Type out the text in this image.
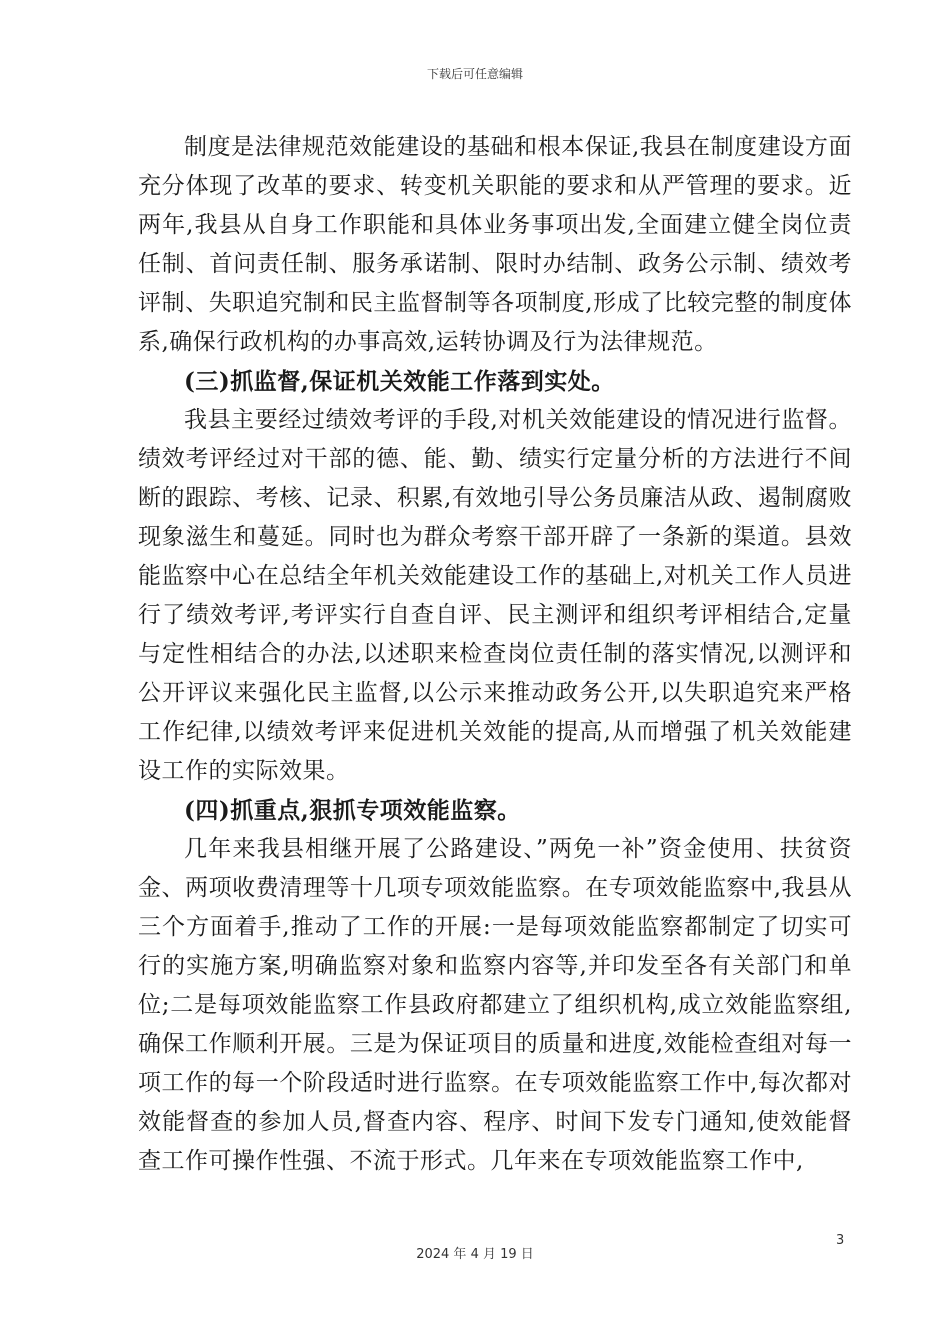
下载后可任意编辑

制度是法律规范效能建设的基础和根本保证,我县在制度建设方面充分体现了改革的要求、转变机关职能的要求和从严管理的要求。近两年,我县从自身工作职能和具体业务事项出发,全面建立健全岗位责任制、首问责任制、服务承诺制、限时办结制、政务公示制、绩效考评制、失职追究制和民主监督制等各项制度,形成了比较完整的制度体系,确保行政机构的办事高效,运转协调及行为法律规范。

(三)抓监督,保证机关效能工作落到实处。

我县主要经过绩效考评的手段,对机关效能建设的情况进行监督。绩效考评经过对干部的德、能、勤、绩实行定量分析的方法进行不间断的跟踪、考核、记录、积累,有效地引导公务员廉洁从政、遏制腐败现象滋生和蔓延。同时也为群众考察干部开辟了一条新的渠道。县效能监察中心在总结全年机关效能建设工作的基础上,对机关工作人员进行了绩效考评,考评实行自查自评、民主测评和组织考评相结合,定量与定性相结合的办法,以述职来检查岗位责任制的落实情况,以测评和公开评议来强化民主监督,以公示来推动政务公开,以失职追究来严格工作纪律,以绩效考评来促进机关效能的提高,从而增强了机关效能建设工作的实际效果。

(四)抓重点,狠抓专项效能监察。

几年来我县相继开展了公路建设、”两免一补”资金使用、扶贫资金、两项收费清理等十几项专项效能监察。在专项效能监察中,我县从三个方面着手,推动了工作的开展:一是每项效能监察都制定了切实可行的实施方案,明确监察对象和监察内容等,并印发至各有关部门和单位;二是每项效能监察工作县政府都建立了组织机构,成立效能监察组,确保工作顺利开展。三是为保证项目的质量和进度,效能检查组对每一项工作的每一个阶段适时进行监察。在专项效能监察工作中,每次都对效能督查的参加人员,督查内容、程序、时间下发专门通知,使效能督查工作可操作性强、不流于形式。几年来在专项效能监察工作中,

3
2024 年 4 月 19 日
